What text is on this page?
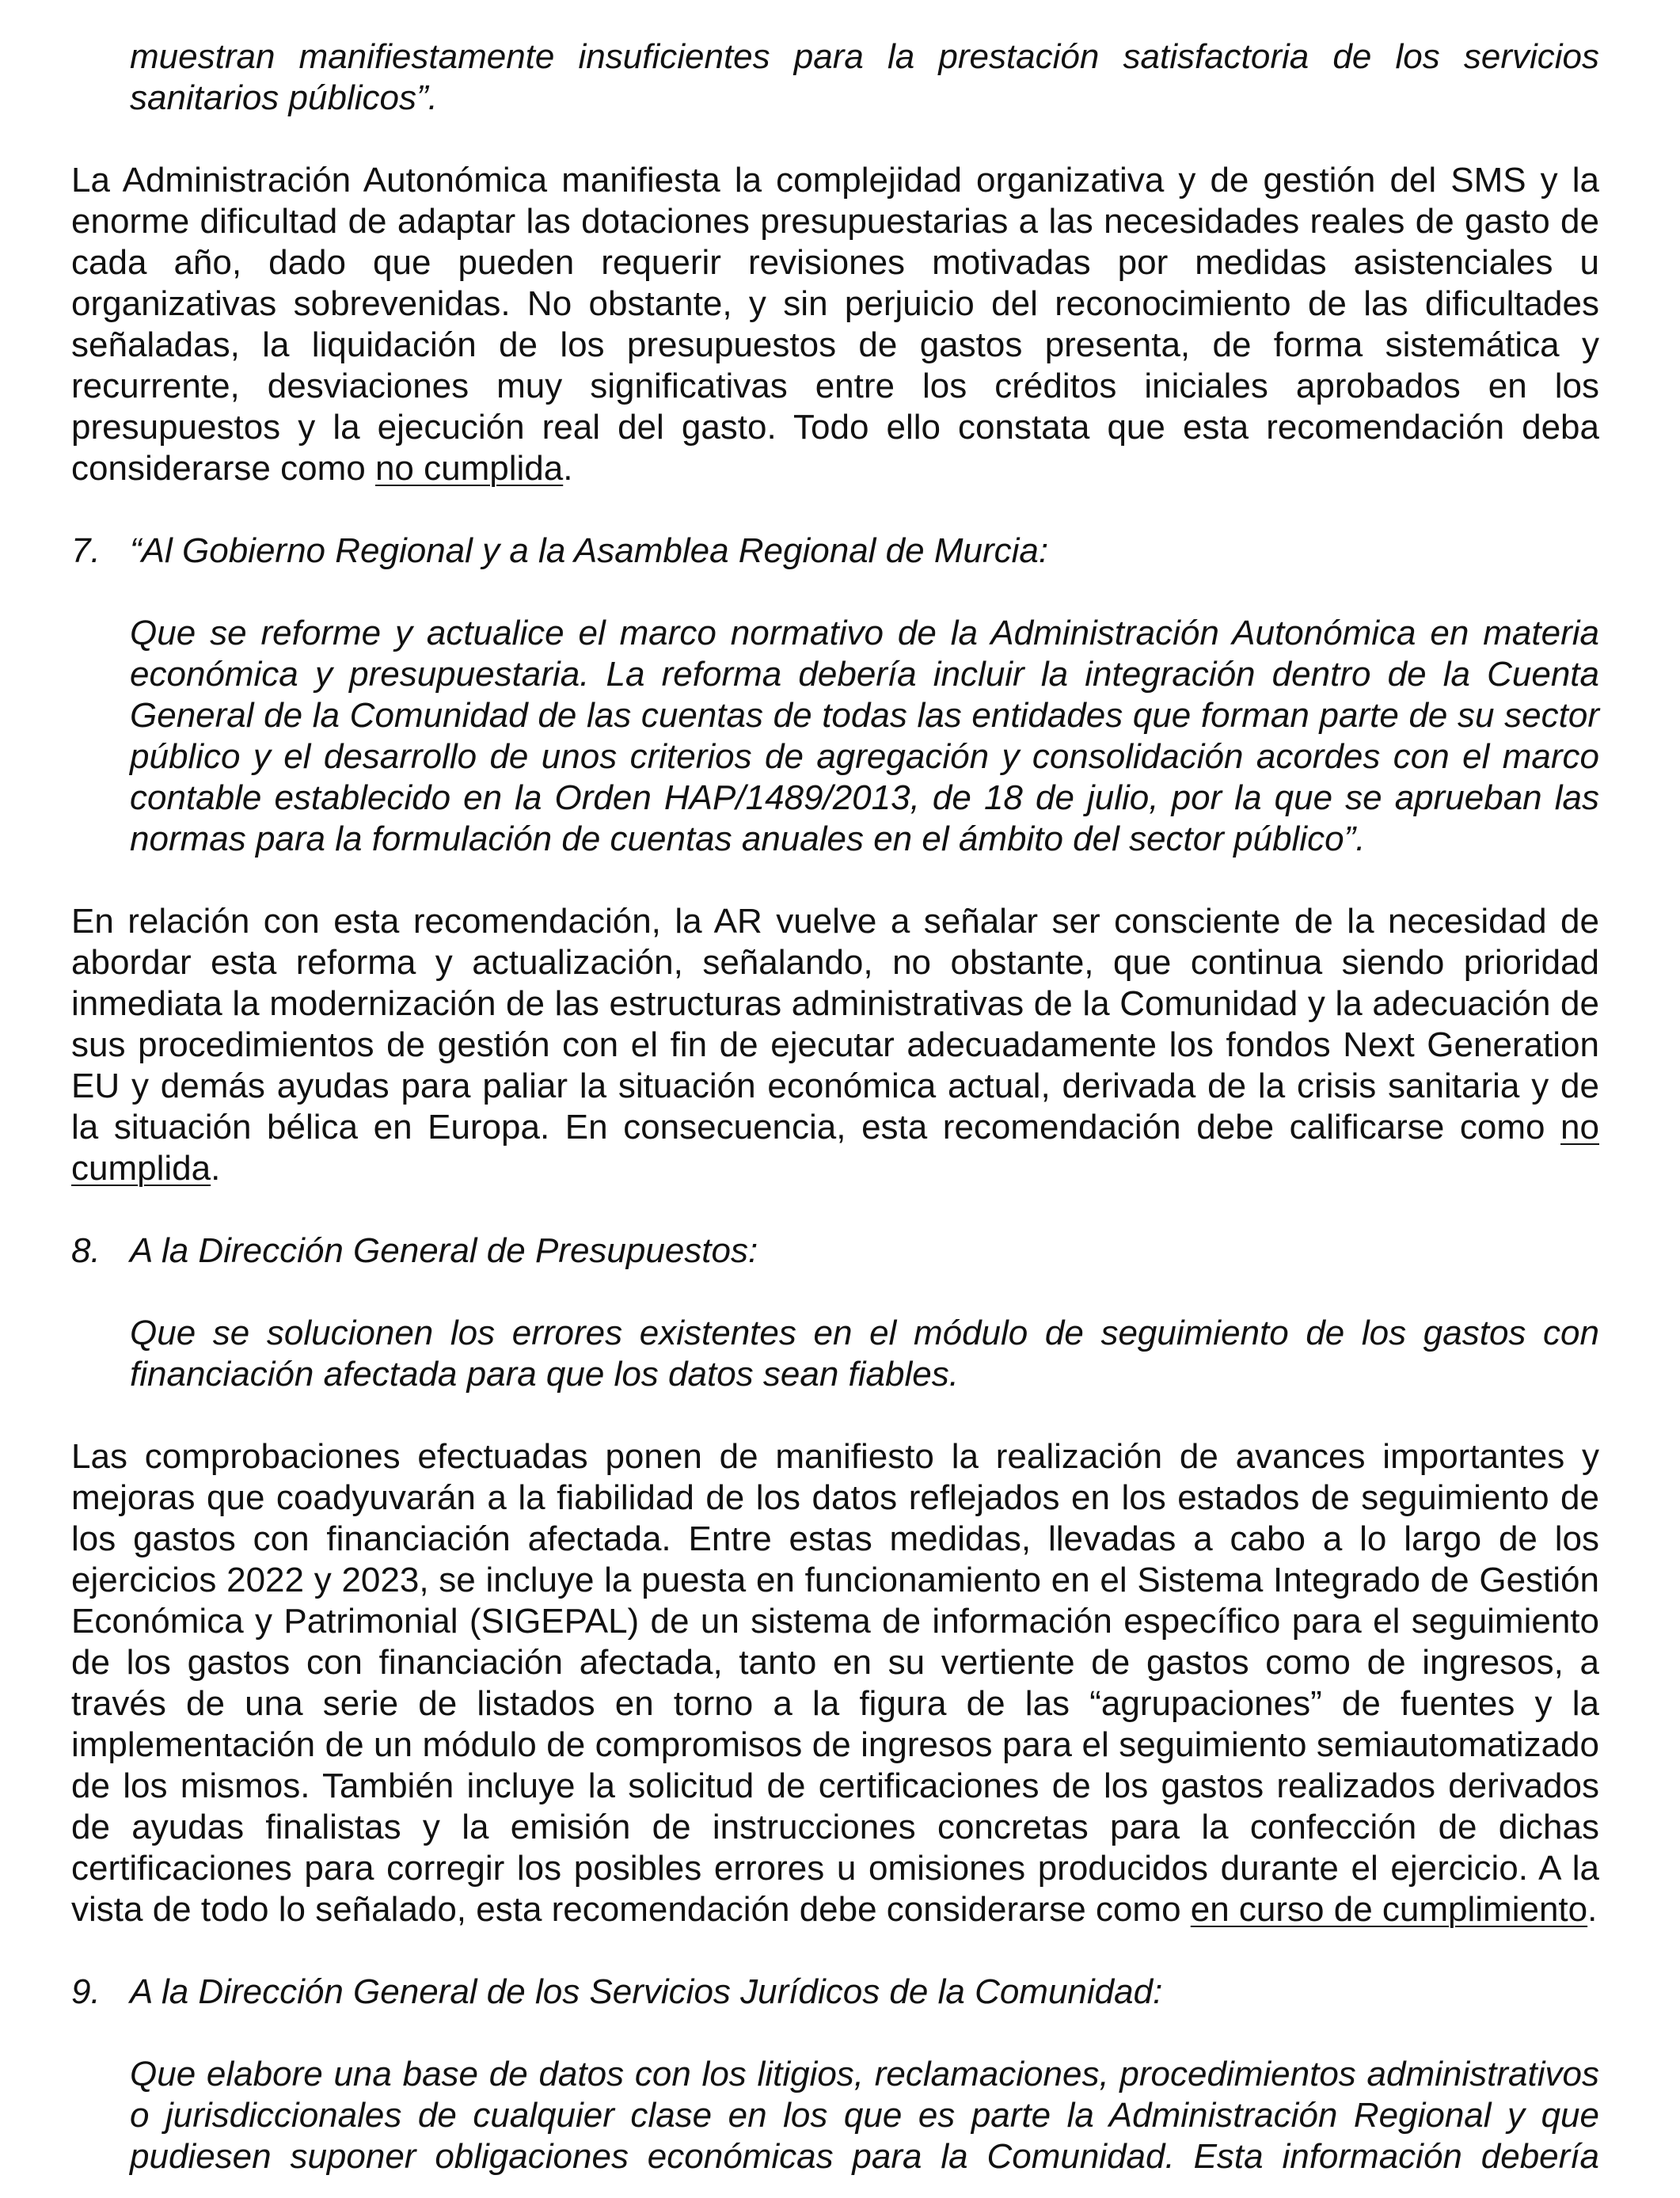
muestran manifiestamente insuficientes para la prestación satisfactoria de los servicios sanitarios públicos”.

La Administración Autonómica manifiesta la complejidad organizativa y de gestión del SMS y la enorme dificultad de adaptar las dotaciones presupuestarias a las necesidades reales de gasto de cada año, dado que pueden requerir revisiones motivadas por medidas asistenciales u organizativas sobrevenidas. No obstante, y sin perjuicio del reconocimiento de las dificultades señaladas, la liquidación de los presupuestos de gastos presenta, de forma sistemática y recurrente, desviaciones muy significativas entre los créditos iniciales aprobados en los presupuestos y la ejecución real del gasto. Todo ello constata que esta recomendación deba considerarse como no cumplida.

7. “Al Gobierno Regional y a la Asamblea Regional de Murcia:

Que se reforme y actualice el marco normativo de la Administración Autonómica en materia económica y presupuestaria. La reforma debería incluir la integración dentro de la Cuenta General de la Comunidad de las cuentas de todas las entidades que forman parte de su sector público y el desarrollo de unos criterios de agregación y consolidación acordes con el marco contable establecido en la Orden HAP/1489/2013, de 18 de julio, por la que se aprueban las normas para la formulación de cuentas anuales en el ámbito del sector público”.

En relación con esta recomendación, la AR vuelve a señalar ser consciente de la necesidad de abordar esta reforma y actualización, señalando, no obstante, que continua siendo prioridad inmediata la modernización de las estructuras administrativas de la Comunidad y la adecuación de sus procedimientos de gestión con el fin de ejecutar adecuadamente los fondos Next Generation EU y demás ayudas para paliar la situación económica actual, derivada de la crisis sanitaria y de la situación bélica en Europa. En consecuencia, esta recomendación debe calificarse como no cumplida.

8. A la Dirección General de Presupuestos:

Que se solucionen los errores existentes en el módulo de seguimiento de los gastos con financiación afectada para que los datos sean fiables.

Las comprobaciones efectuadas ponen de manifiesto la realización de avances importantes y mejoras que coadyuvarán a la fiabilidad de los datos reflejados en los estados de seguimiento de los gastos con financiación afectada. Entre estas medidas, llevadas a cabo a lo largo de los ejercicios 2022 y 2023, se incluye la puesta en funcionamiento en el Sistema Integrado de Gestión Económica y Patrimonial (SIGEPAL) de un sistema de información específico para el seguimiento de los gastos con financiación afectada, tanto en su vertiente de gastos como de ingresos, a través de una serie de listados en torno a la figura de las “agrupaciones” de fuentes y la implementación de un módulo de compromisos de ingresos para el seguimiento semiautomatizado de los mismos. También incluye la solicitud de certificaciones de los gastos realizados derivados de ayudas finalistas y la emisión de instrucciones concretas para la confección de dichas certificaciones para corregir los posibles errores u omisiones producidos durante el ejercicio. A la vista de todo lo señalado, esta recomendación debe considerarse como en curso de cumplimiento.

9. A la Dirección General de los Servicios Jurídicos de la Comunidad:

Que elabore una base de datos con los litigios, reclamaciones, procedimientos administrativos o jurisdiccionales de cualquier clase en los que es parte la Administración Regional y que pudiesen suponer obligaciones económicas para la Comunidad. Esta información debería
